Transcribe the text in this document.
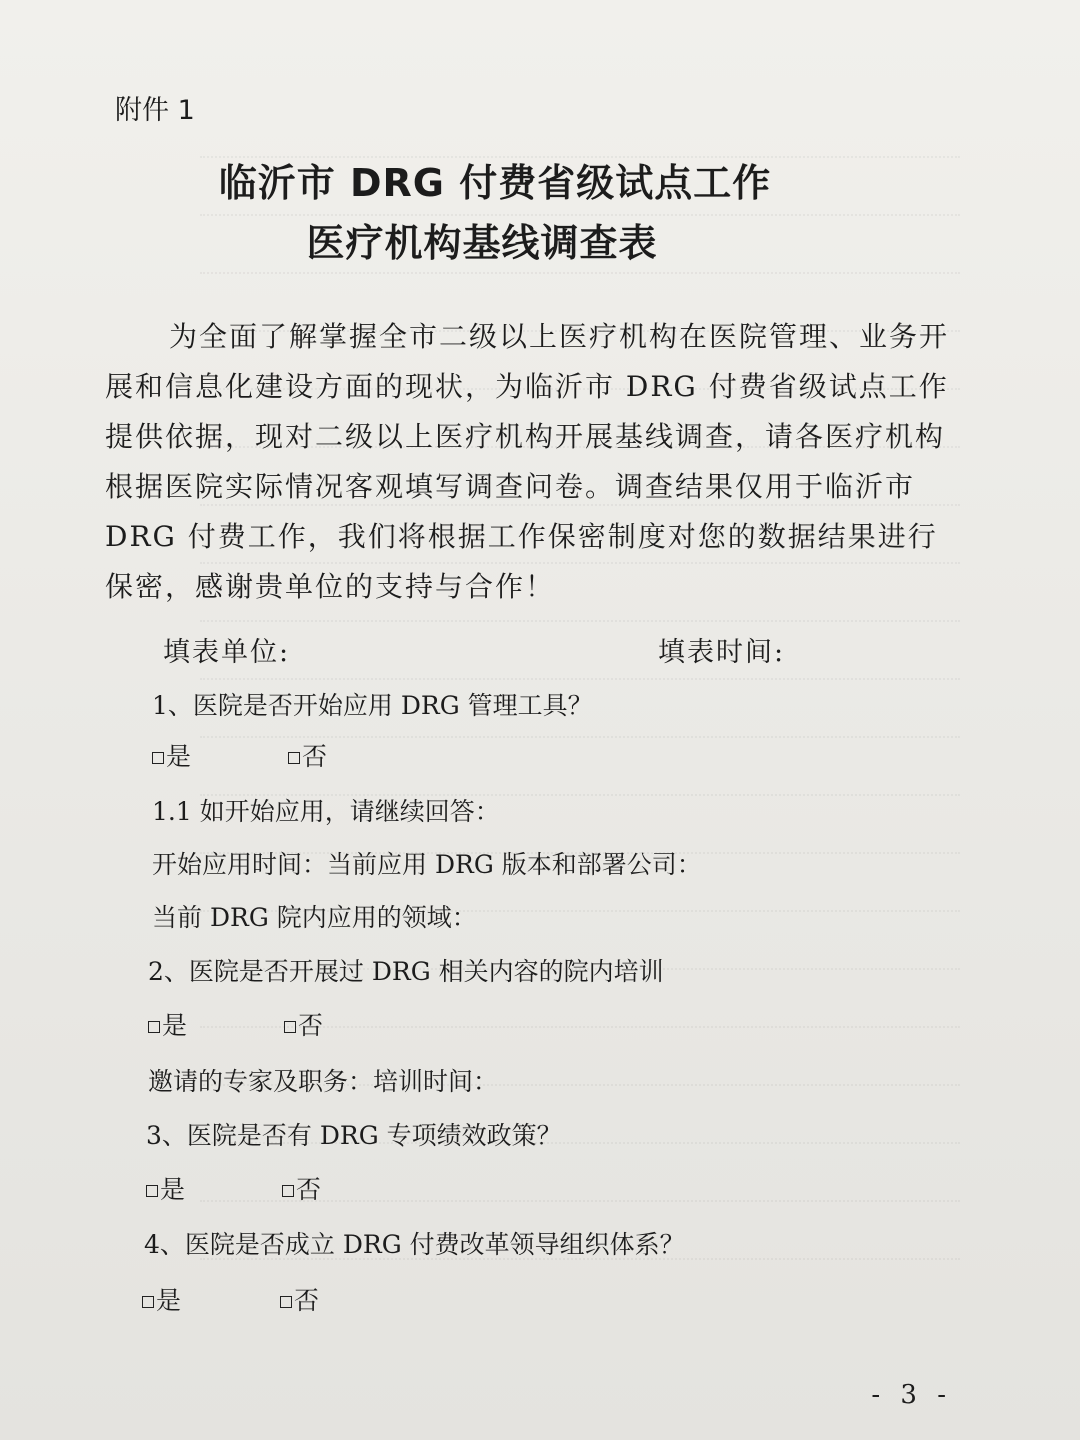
附件 1
临沂市 DRG 付费省级试点工作
医疗机构基线调查表

为全面了解掌握全市二级以上医疗机构在医院管理、业务开

展和信息化建设方面的现状，为临沂市 DRG 付费省级试点工作

提供依据，现对二级以上医疗机构开展基线调查，请各医疗机构

根据医院实际情况客观填写调查问卷。调查结果仅用于临沂市

DRG 付费工作，我们将根据工作保密制度对您的数据结果进行

保密，感谢贵单位的支持与合作！

填表单位:	填表时间:
1、医院是否开始应用 DRG 管理工具？
是	否
1.1 如开始应用，请继续回答：
开始应用时间：当前应用 DRG 版本和部署公司：
当前 DRG 院内应用的领域：
2、医院是否开展过 DRG 相关内容的院内培训
是	否
邀请的专家及职务：培训时间：
3、医院是否有 DRG 专项绩效政策？
是	否
4、医院是否成立 DRG 付费改革领导组织体系？
是	否
- 3 -
